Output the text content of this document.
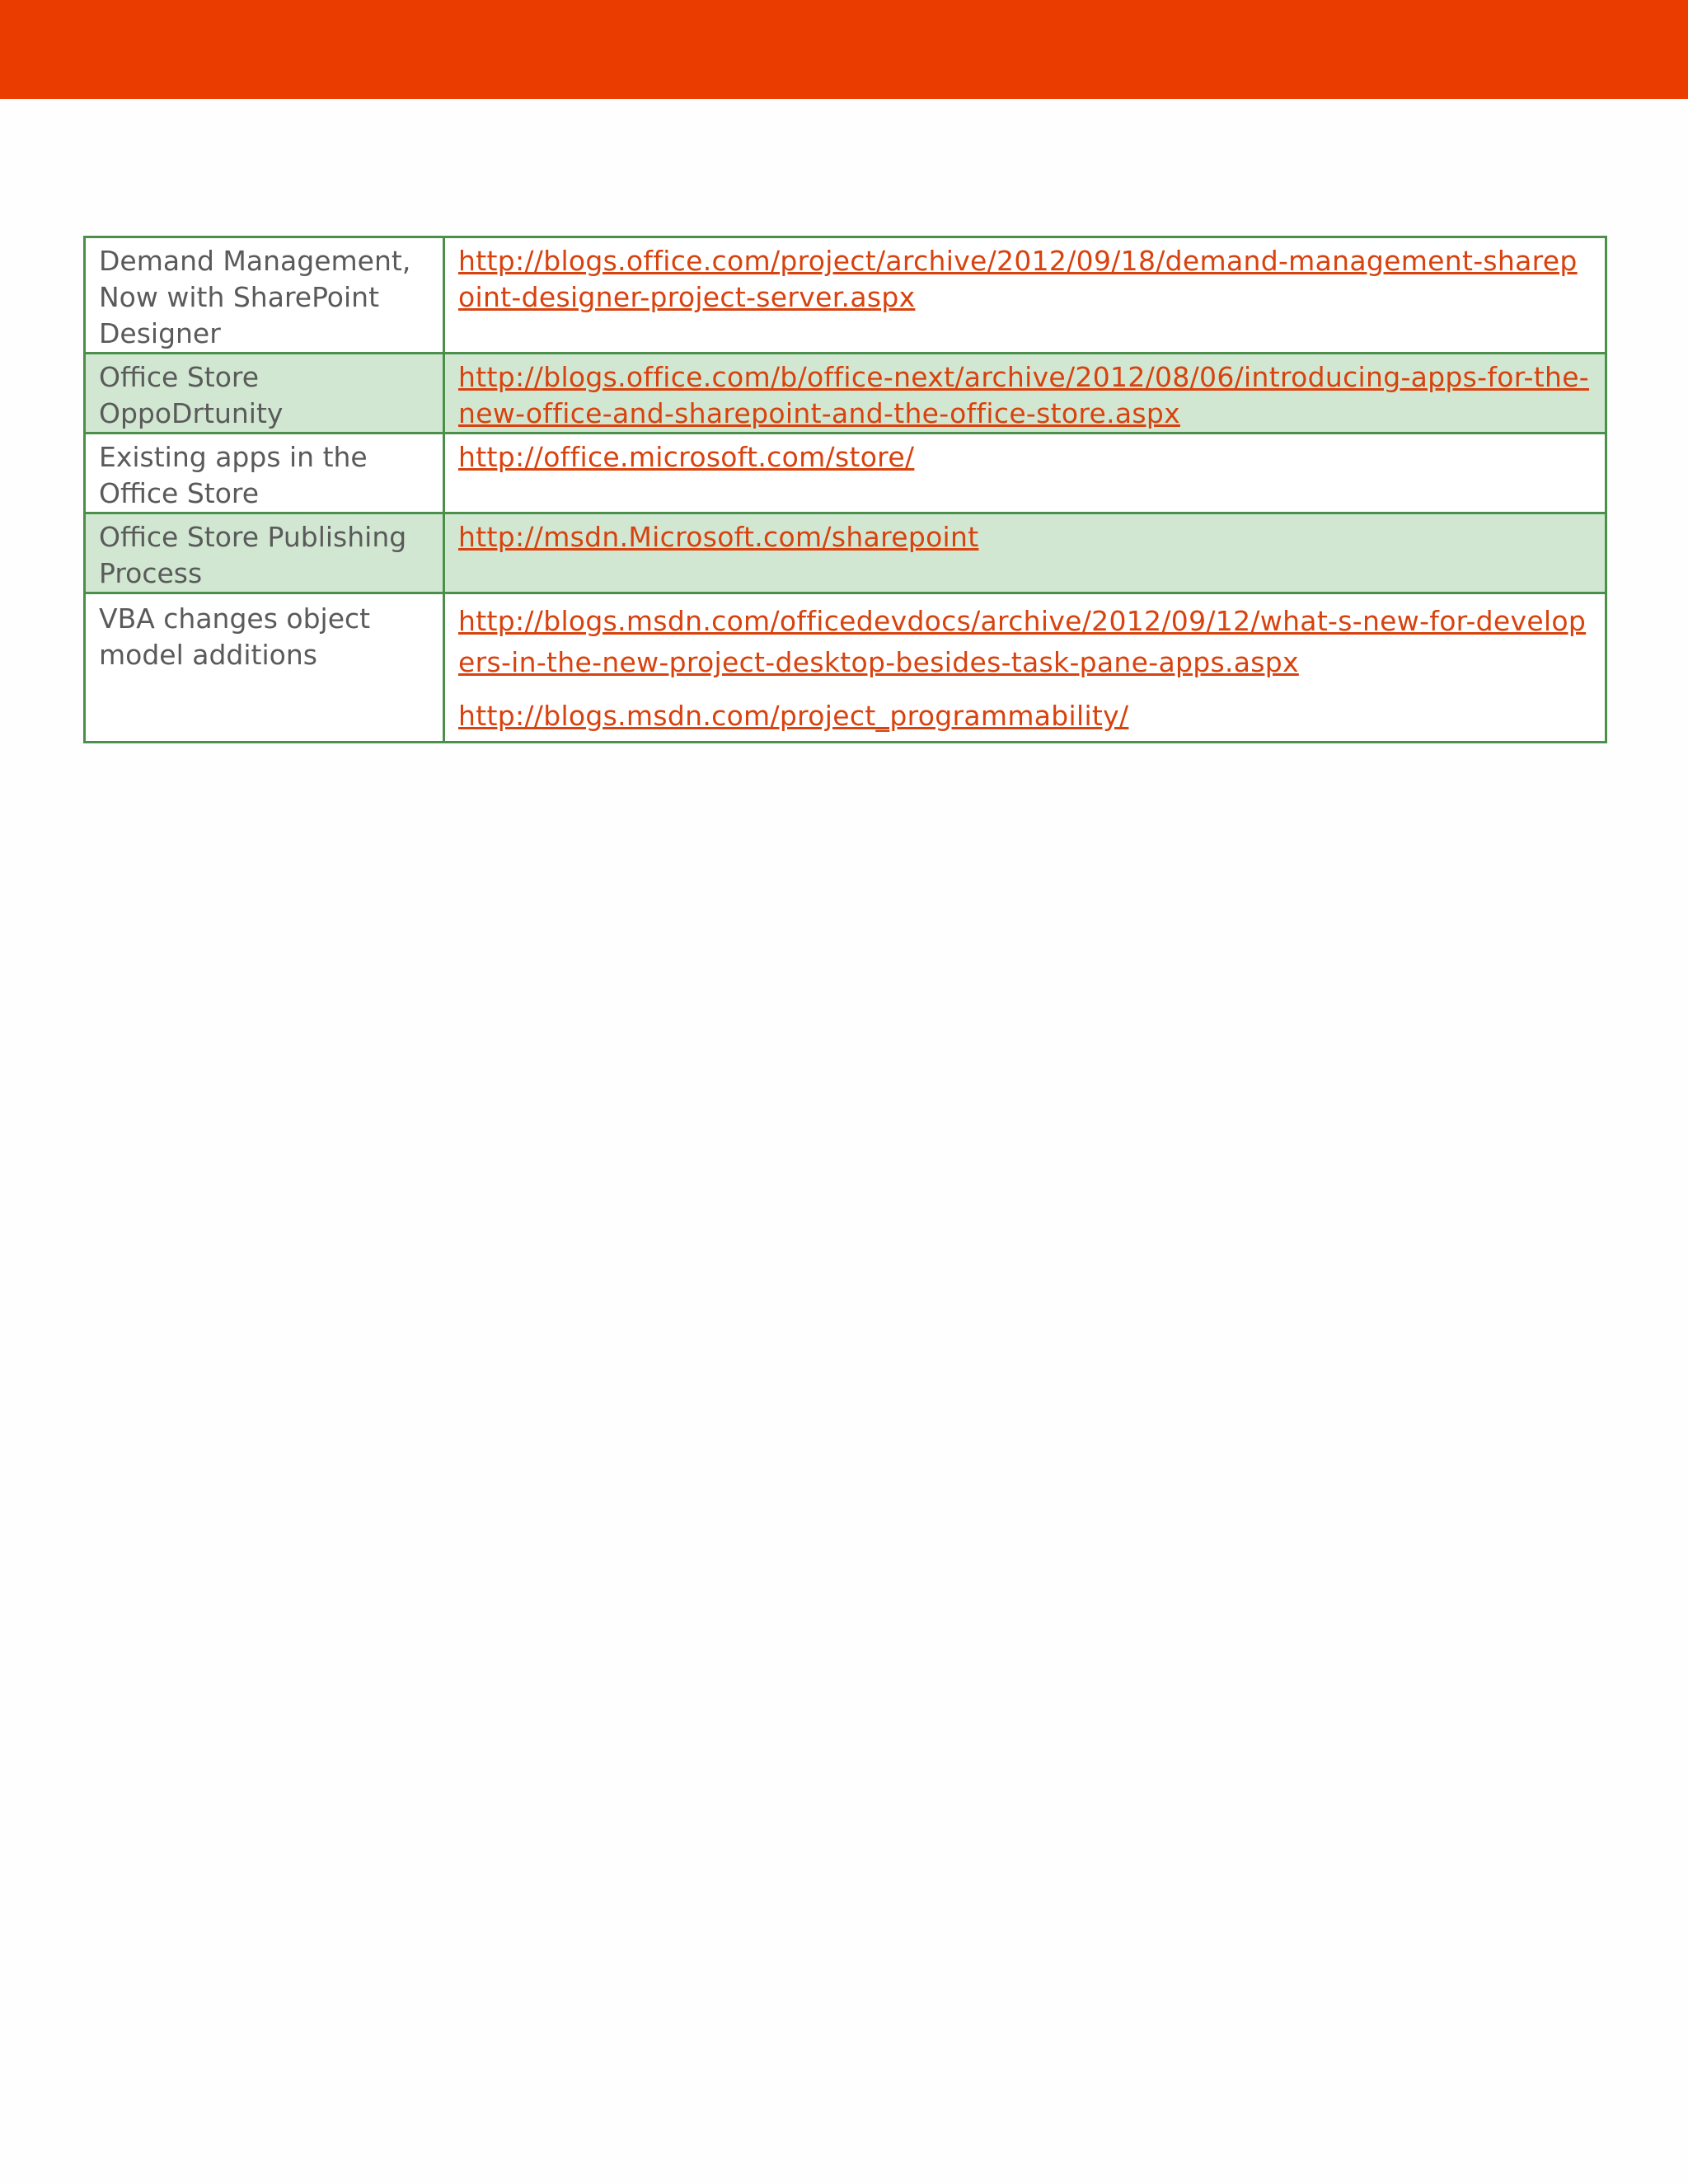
Demand Management, Now with SharePoint Designer	http://blogs.office.com/project/archive/2012/09/18/demand-management-sharepoint-designer-project-server.aspx

Office Store OppoDrtunity	http://blogs.office.com/b/office-next/archive/2012/08/06/introducing-apps-for-the-new-office-and-sharepoint-and-the-office-store.aspx

Existing apps in the Office Store	http://office.microsoft.com/store/

Office Store Publishing Process	http://msdn.Microsoft.com/sharepoint

VBA changes object model additions	http://blogs.msdn.com/officedevdocs/archive/2012/09/12/what-s-new-for-developers-in-the-new-project-desktop-besides-task-pane-apps.aspx
http://blogs.msdn.com/project_programmability/
